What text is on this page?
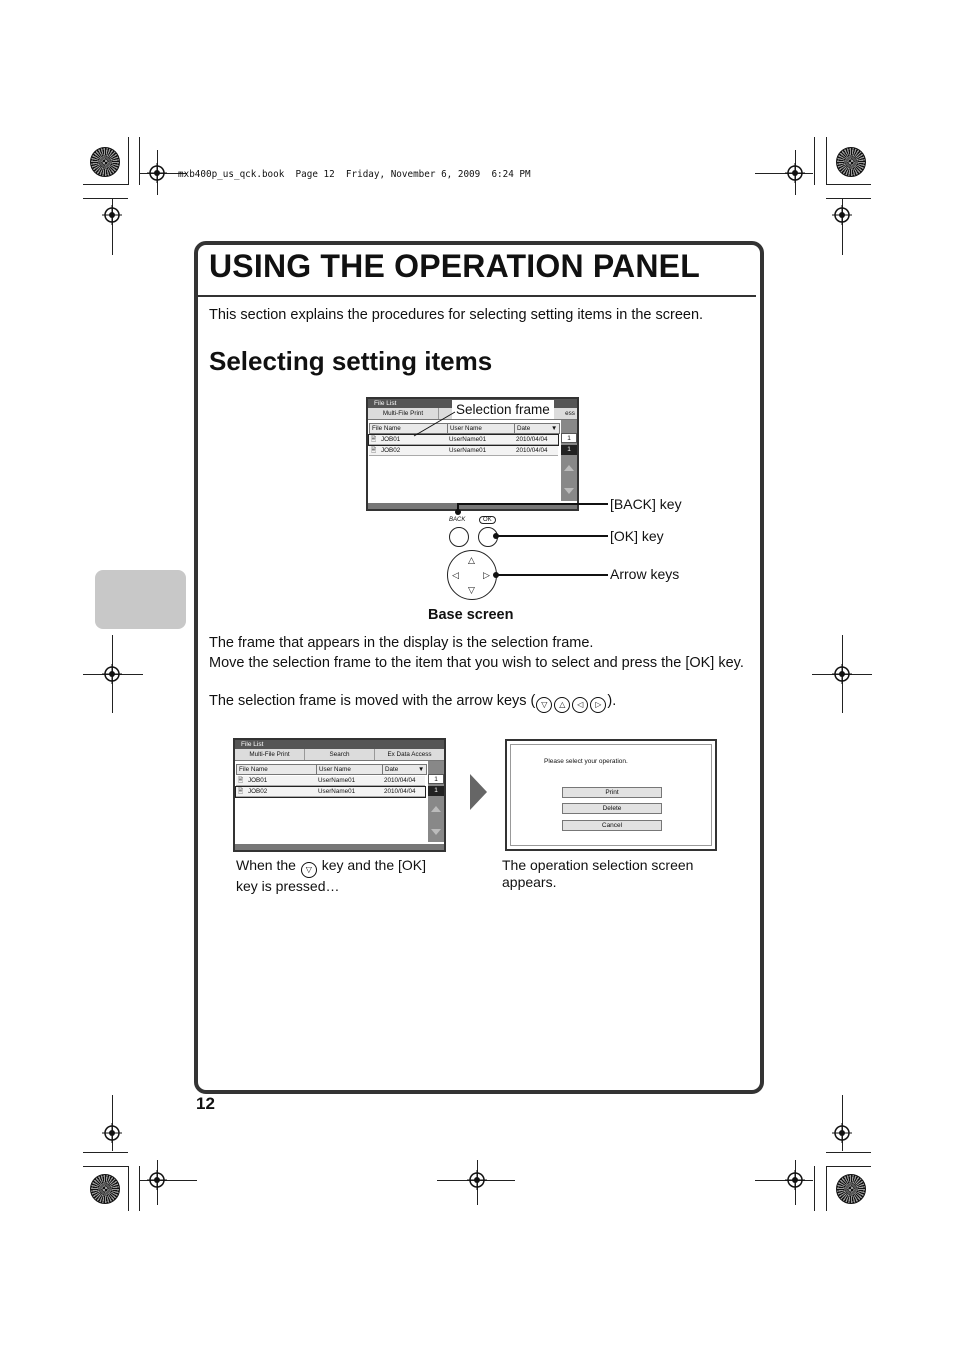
mxb400p_us_qck.book  Page 12  Friday, November 6, 2009  6:24 PM
USING THE OPERATION PANEL

This section explains the procedures for selecting setting items in the screen.

Selecting setting items
File List
Multi-File Print	ess
File Name	User Name	Date	▼
🖹 JOB01	UserName01	2010/04/04
🖹 JOB02	UserName01	2010/04/04
1
1
Selection frame
BACK	OK
△
▽
◁	▷
[BACK] key
[OK] key
Arrow keys
Base screen

The frame that appears in the display is the selection frame.

Move the selection frame to the item that you wish to select and press the [OK] key.

The selection frame is moved with the arrow keys ( ▽ △ ◁ ▷ ).

File List
Multi-File Print	Search	Ex Data Access
File Name	User Name	Date	▼
🖹 JOB01	UserName01	2010/04/04
🖹 JOB02	UserName01	2010/04/04
1
1
Please select your operation.
Print
Delete
Cancel
When the ▽ key and the [OK] key is pressed…
The operation selection screen appears.
12
